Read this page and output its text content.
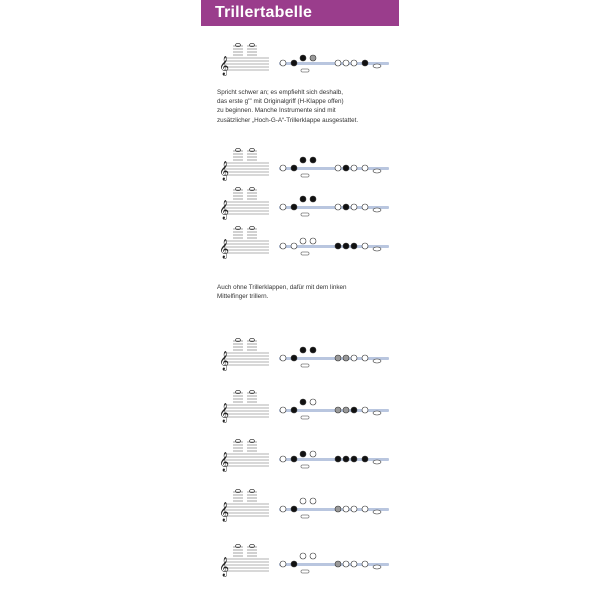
Trillertabelle
Spricht schwer an; es empfiehlt sich deshalb,
das erste g''' mit Originalgriff (H-Klappe offen)
zu beginnen. Manche Instrumente sind mit
zusätzlicher „Hoch-G-A“-Trillerklappe ausgestattet.
Auch ohne Trillerklappen, dafür mit dem linken
Mittelfinger trillern.
𝄞
𝄞
𝄞
𝄞
𝄞
𝄞
𝄞
𝄞
𝄞
